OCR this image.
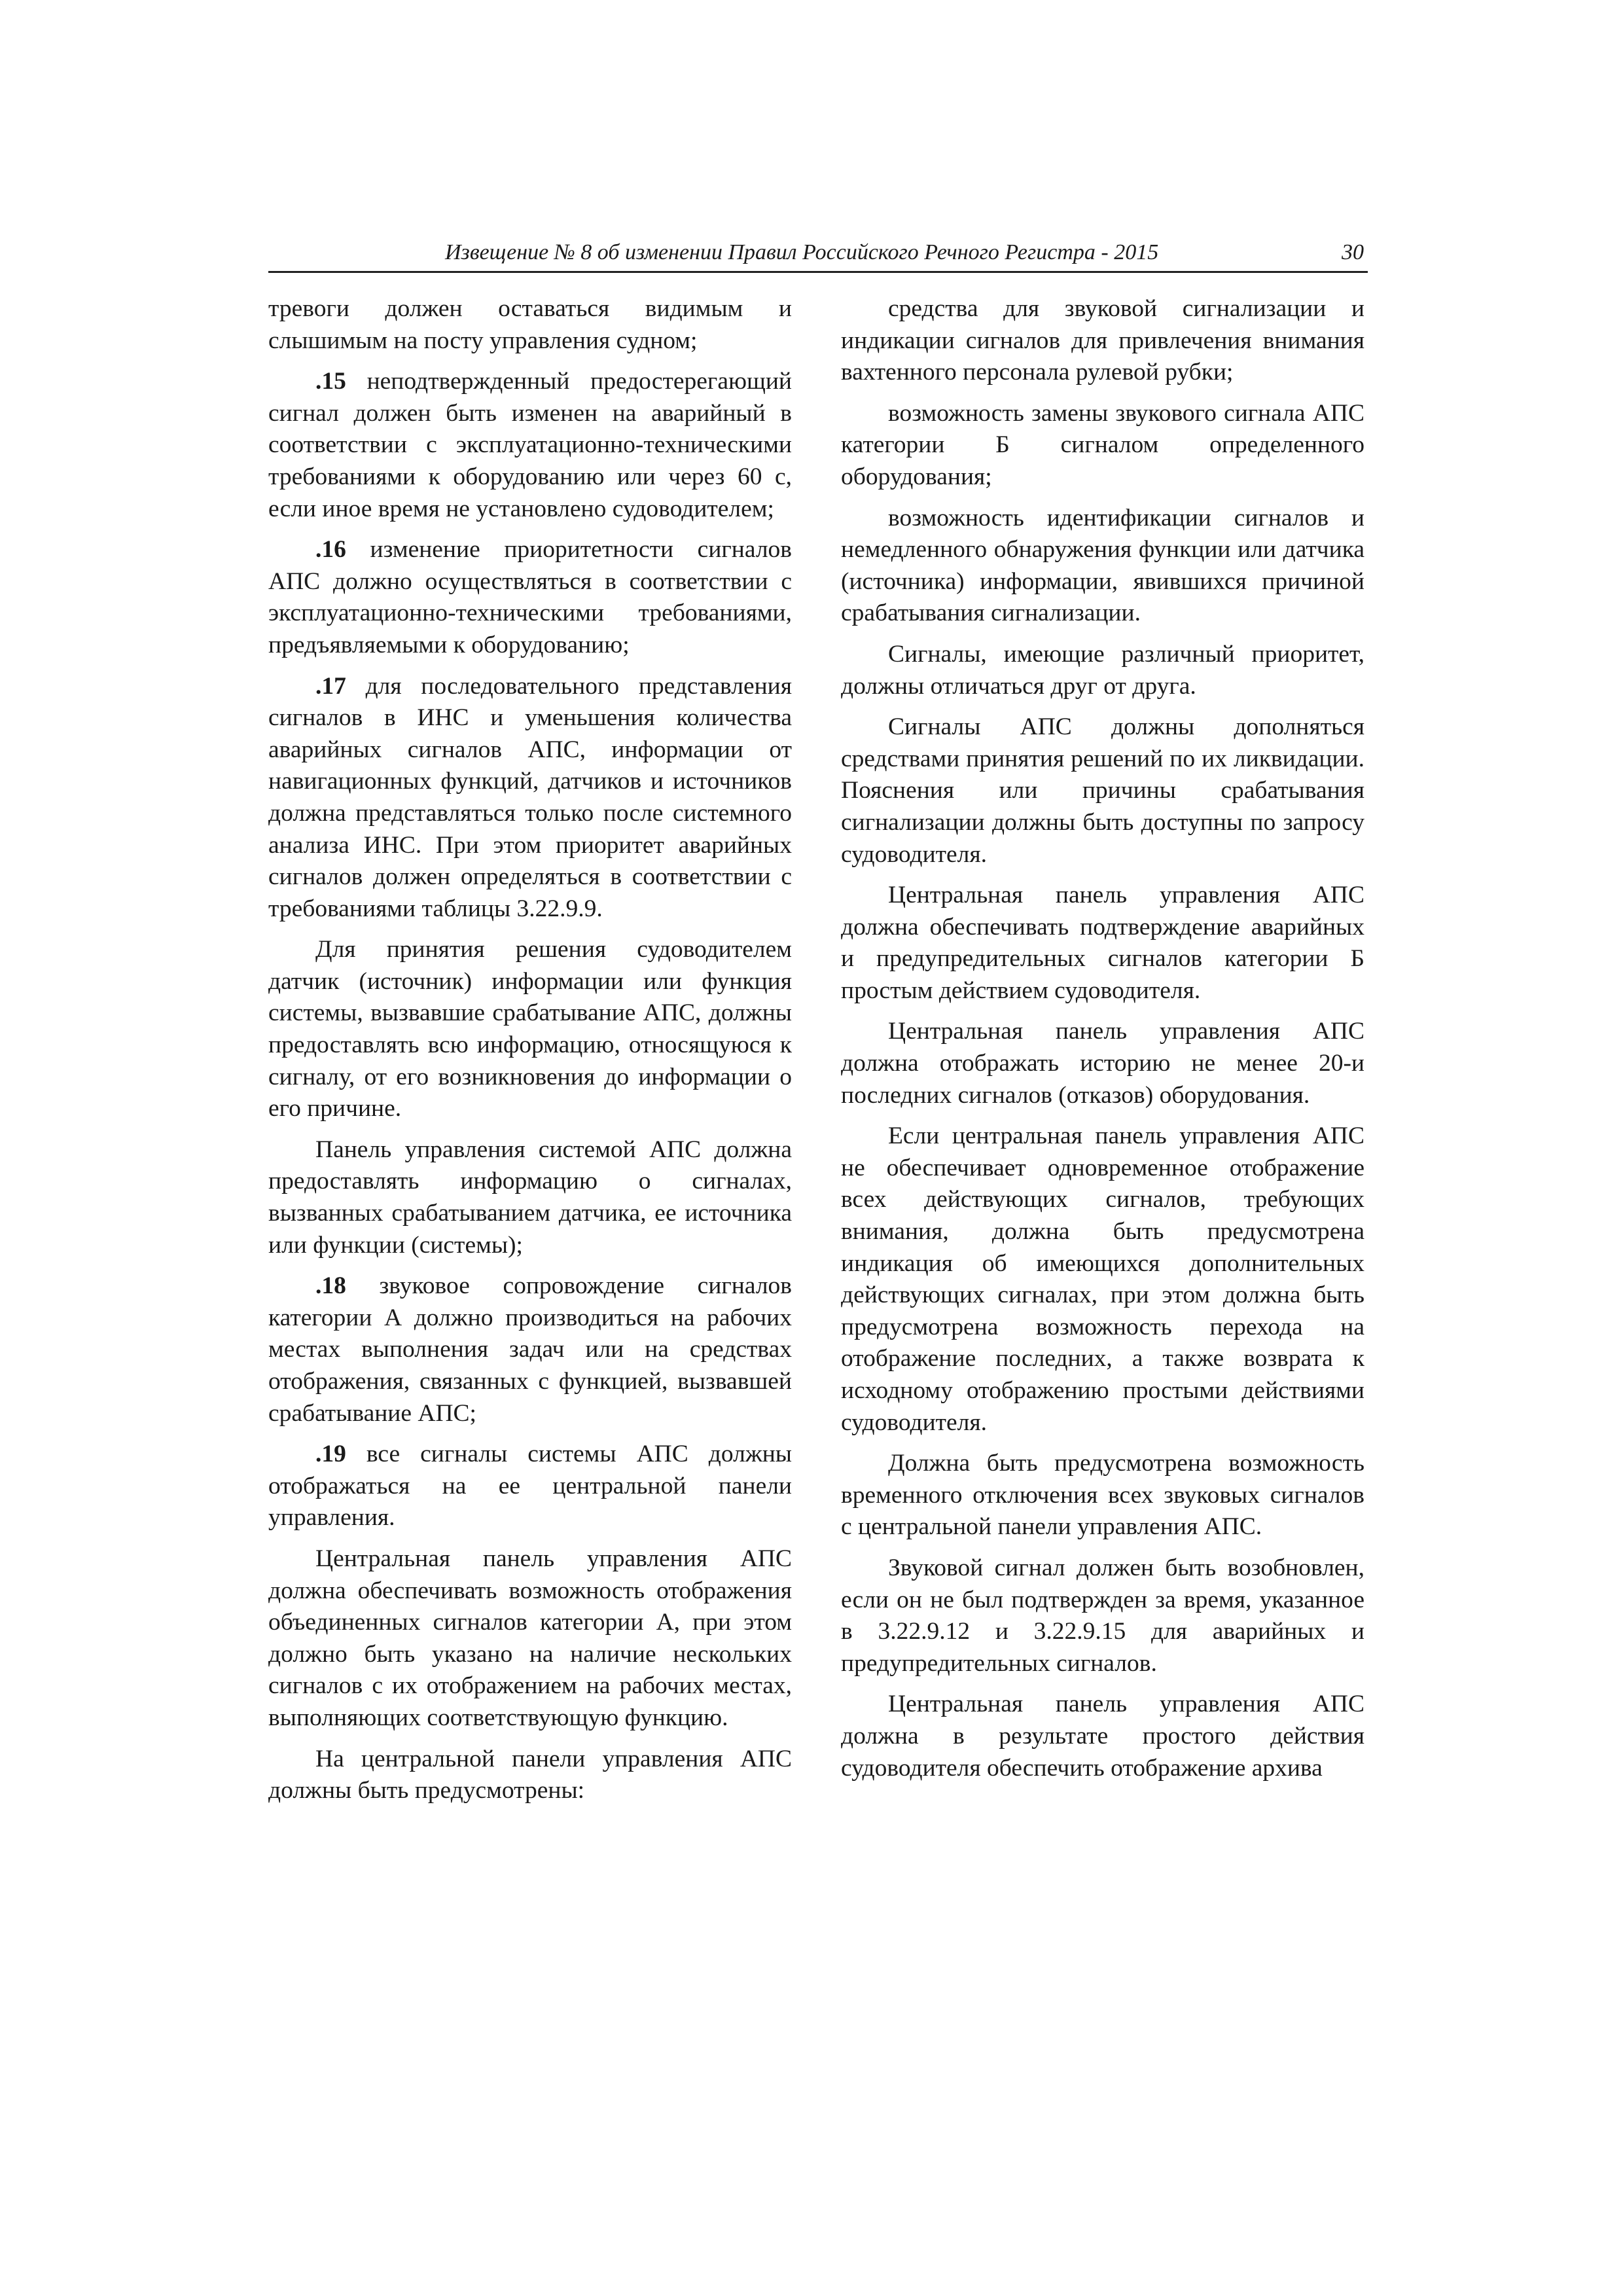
Извещение № 8 об изменении Правил Российского Речного Регистра - 2015	30

тревоги должен оставаться видимым и слышимым на посту управления судном;

.15 неподтвержденный предостерегающий сигнал должен быть изменен на аварийный в соответствии с эксплуатационно-техническими требованиями к оборудованию или через 60 с, если иное время не установлено судоводителем;

.16 изменение приоритетности сигналов АПС должно осуществляться в соответствии с эксплуатационно-техническими требованиями, предъявляемыми к оборудованию;

.17 для последовательного представления сигналов в ИНС и уменьшения количества аварийных сигналов АПС, информации от навигационных функций, датчиков и источников должна представляться только после системного анализа ИНС. При этом приоритет аварийных сигналов должен определяться в соответствии с требованиями таблицы 3.22.9.9.

Для принятия решения судоводителем датчик (источник) информации или функция системы, вызвавшие срабатывание АПС, должны предоставлять всю информацию, относящуюся к сигналу, от его возникновения до информации о его причине.

Панель управления системой АПС должна предоставлять информацию о сигналах, вызванных срабатыванием датчика, ее источника или функции (системы);

.18 звуковое сопровождение сигналов категории А должно производиться на рабочих местах выполнения задач или на средствах отображения, связанных с функцией, вызвавшей срабатывание АПС;

.19 все сигналы системы АПС должны отображаться на ее центральной панели управления.

Центральная панель управления АПС должна обеспечивать возможность отображения объединенных сигналов категории А, при этом должно быть указано на наличие нескольких сигналов с их отображением на рабочих местах, выполняющих соответствующую функцию.

На центральной панели управления АПС должны быть предусмотрены:

средства для звуковой сигнализации и индикации сигналов для привлечения внимания вахтенного персонала рулевой рубки;

возможность замены звукового сигнала АПС категории Б сигналом определенного оборудования;

возможность идентификации сигналов и немедленного обнаружения функции или датчика (источника) информации, явившихся причиной срабатывания сигнализации.

Сигналы, имеющие различный приоритет, должны отличаться друг от друга.

Сигналы АПС должны дополняться средствами принятия решений по их ликвидации. Пояснения или причины срабатывания сигнализации должны быть доступны по запросу судоводителя.

Центральная панель управления АПС должна обеспечивать подтверждение аварийных и предупредительных сигналов категории Б простым действием судоводителя.

Центральная панель управления АПС должна отображать историю не менее 20-и последних сигналов (отказов) оборудования.

Если центральная панель управления АПС не обеспечивает одновременное отображение всех действующих сигналов, требующих внимания, должна быть предусмотрена индикация об имеющихся дополнительных действующих сигналах, при этом должна быть предусмотрена возможность перехода на отображение последних, а также возврата к исходному отображению простыми действиями судоводителя.

Должна быть предусмотрена возможность временного отключения всех звуковых сигналов с центральной панели управления АПС.

Звуковой сигнал должен быть возобновлен, если он не был подтвержден за время, указанное в 3.22.9.12 и 3.22.9.15 для аварийных и предупредительных сигналов.

Центральная панель управления АПС должна в результате простого действия судоводителя обеспечить отображение архива
